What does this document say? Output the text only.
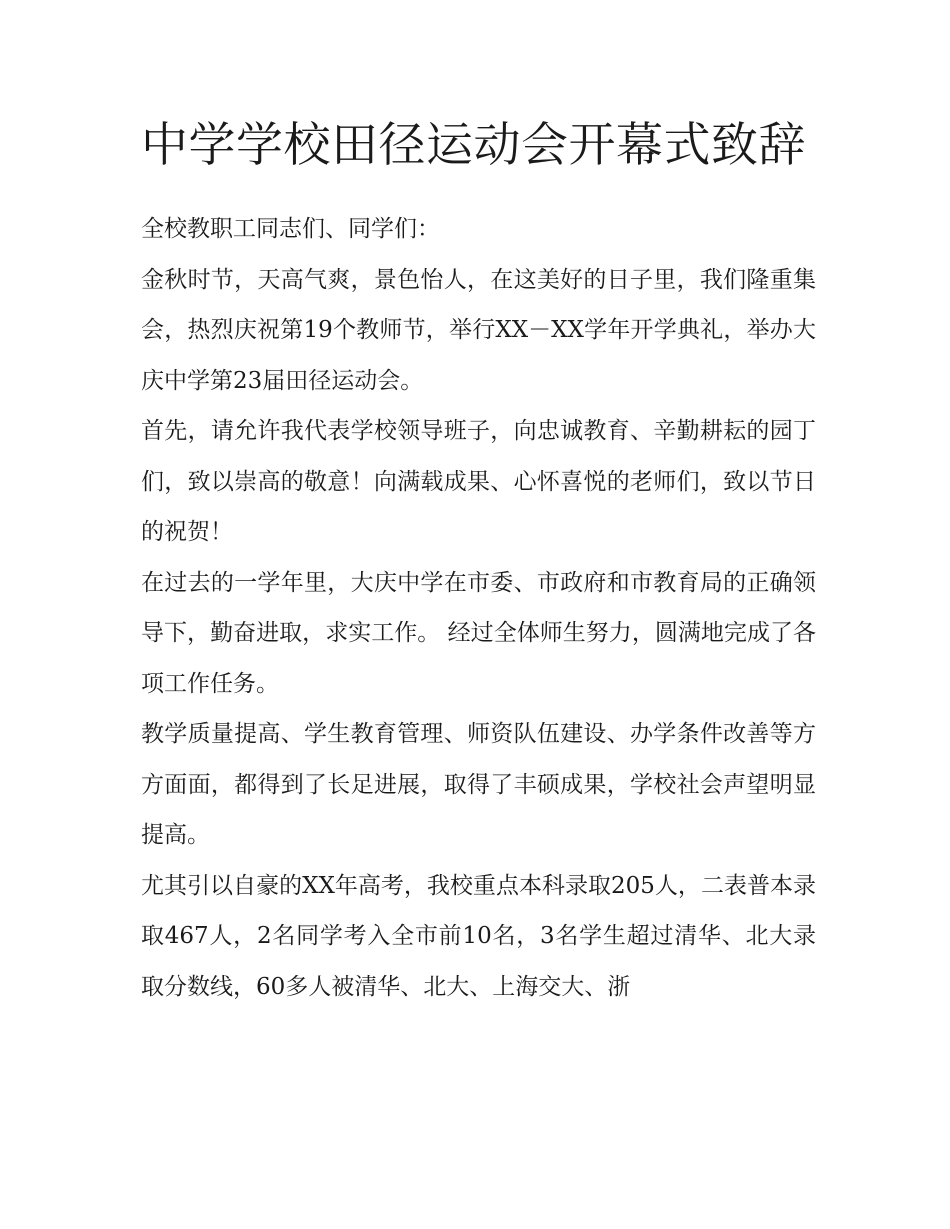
中学学校田径运动会开幕式致辞

全校教职工同志们、同学们：

金秋时节，天高气爽，景色怡人，在这美好的日子里，我们隆重集会，热烈庆祝第19个教师节，举行XX－XX学年开学典礼，举办大庆中学第23届田径运动会。

首先，请允许我代表学校领导班子，向忠诚教育、辛勤耕耘的园丁们，致以崇高的敬意！向满载成果、心怀喜悦的老师们，致以节日的祝贺！

在过去的一学年里，大庆中学在市委、市政府和市教育局的正确领导下，勤奋进取，求实工作。 经过全体师生努力，圆满地完成了各项工作任务。

教学质量提高、学生教育管理、师资队伍建设、办学条件改善等方方面面，都得到了长足进展，取得了丰硕成果，学校社会声望明显提高。

尤其引以自豪的XX年高考，我校重点本科录取205人，二表普本录取467人，2名同学考入全市前10名，3名学生超过清华、北大录取分数线，60多人被清华、北大、上海交大、浙
